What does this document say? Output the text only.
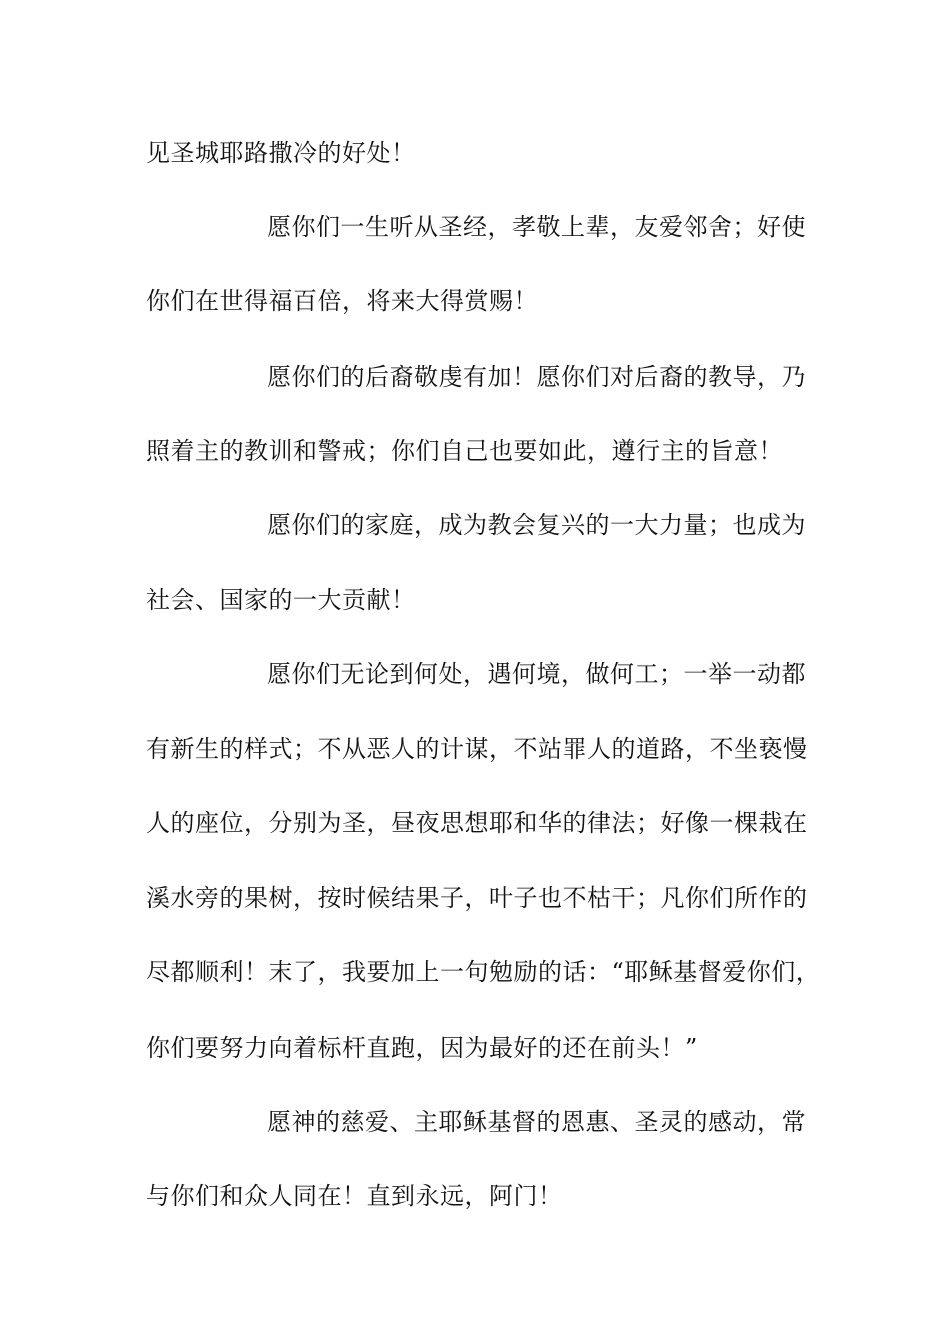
见圣城耶路撒冷的好处！
愿你们一生听从圣经，孝敬上辈，友爱邻舍；好使
你们在世得福百倍，将来大得赏赐！
愿你们的后裔敬虔有加！愿你们对后裔的教导，乃
照着主的教训和警戒；你们自己也要如此，遵行主的旨意！
愿你们的家庭，成为教会复兴的一大力量；也成为
社会、国家的一大贡献！
愿你们无论到何处，遇何境，做何工；一举一动都
有新生的样式；不从恶人的计谋，不站罪人的道路，不坐亵慢
人的座位，分别为圣，昼夜思想耶和华的律法；好像一棵栽在
溪水旁的果树，按时候结果子，叶子也不枯干；凡你们所作的
尽都顺利！末了，我要加上一句勉励的话：“耶稣基督爱你们，
你们要努力向着标杆直跑，因为最好的还在前头！”
愿神的慈爱、主耶稣基督的恩惠、圣灵的感动，常
与你们和众人同在！直到永远，阿门！
